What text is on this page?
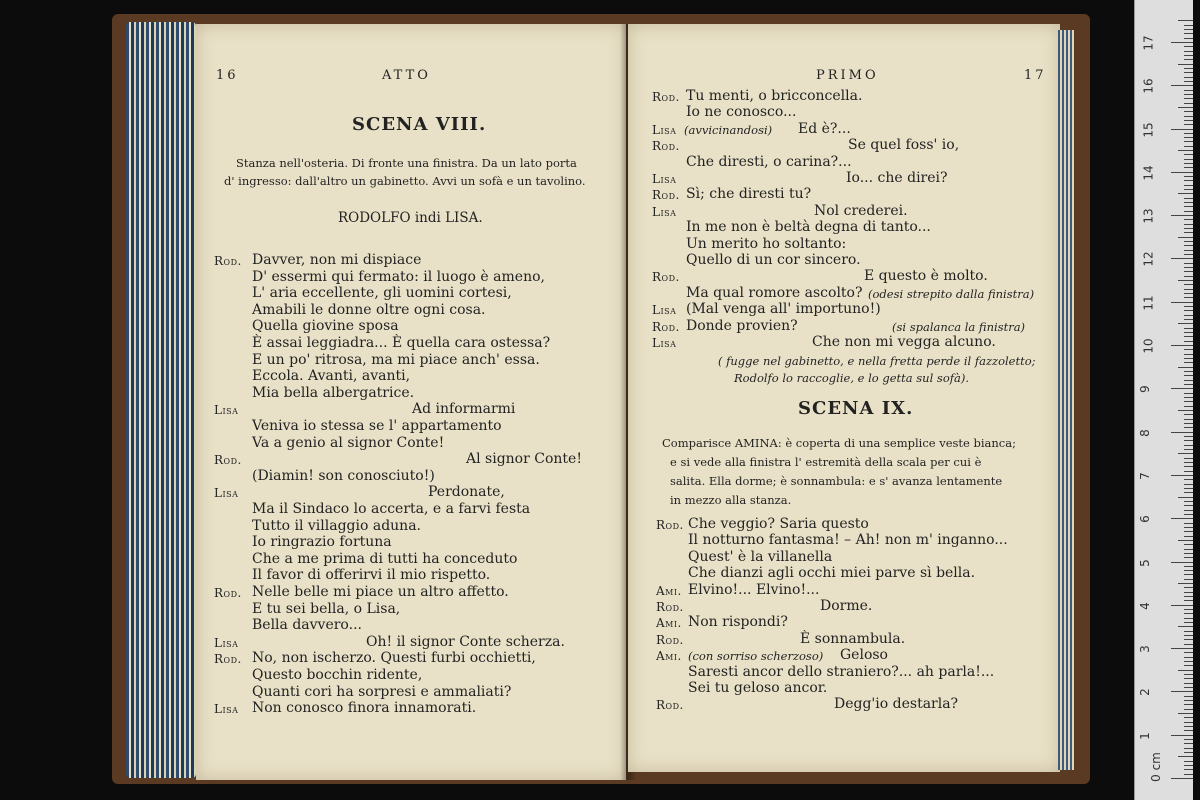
16	ATTO
SCENA VIII.
Stanza nell'osteria. Di fronte una finistra. Da un lato porta
d' ingresso: dall'altro un gabinetto. Avvi un sofà e un tavolino.
RODOLFO indi LISA.
Rod. Davver, non mi dispiace
D' essermi qui fermato: il luogo è ameno,
L' aria eccellente, gli uomini cortesi,
Amabili le donne oltre ogni cosa.
Quella giovine sposa
È assai leggiadra... È quella cara ostessa?
E un po' ritrosa, ma mi piace anch' essa.
Eccola. Avanti, avanti,
Mia bella albergatrice.
Lisa	Ad informarmi
Veniva io stessa se l' appartamento
Va a genio al signor Conte!
Rod.	Al signor Conte!
(Diamin! son conosciuto!)
Lisa	Perdonate,
Ma il Sindaco lo accerta, e a farvi festa
Tutto il villaggio aduna.
Io ringrazio fortuna
Che a me prima di tutti ha conceduto
Il favor di offerirvi il mio rispetto.
Rod. Nelle belle mi piace un altro affetto.
E tu sei bella, o Lisa,
Bella davvero...
Lisa	Oh! il signor Conte scherza.
Rod. No, non ischerzo. Questi furbi occhietti,
Questo bocchin ridente,
Quanti cori ha sorpresi e ammaliati?
Lisa Non conosco finora innamorati.
PRIMO	17
Rod. Tu menti, o bricconcella.
Io ne conosco...
Lisa	Ed è?...
(avvicinandosi)
Rod.	Se quel foss' io,
Che diresti, o carina?...
Lisa	Io... che direi?
Rod. Sì; che diresti tu?
Lisa	Nol crederei.
In me non è beltà degna di tanto...
Un merito ho soltanto:
Quello di un cor sincero.
Rod.	E questo è molto.
Ma qual romore ascolto? (odesi strepito dalla finistra)
Lisa (Mal venga all' importuno!)
Rod. Donde provien?	(si spalanca la finistra)
Lisa	Che non mi vegga alcuno.
( fugge nel gabinetto, e nella fretta perde il fazzoletto;
Rodolfo lo raccoglie, e lo getta sul sofà).
SCENA IX.
Comparisce AMINA: è coperta di una semplice veste bianca;
e si vede alla finistra l' estremità della scala per cui è
salita. Ella dorme; è sonnambula: e s' avanza lentamente
in mezzo alla stanza.
Rod. Che veggio? Saria questo
Il notturno fantasma! – Ah! non m' inganno...
Quest' è la villanella
Che dianzi agli occhi miei parve sì bella.
Ami. Elvino!... Elvino!...
Rod.	Dorme.
Ami. Non rispondi?
Rod.	È sonnambula.
Ami.	Geloso
(con sorriso scherzoso)
Saresti ancor dello straniero?... ah parla!...
Sei tu geloso ancor.
Rod.	Degg'io destarla?
0 cm
1
2
3
4
5
6
7
8
9
10
11
12
13
14
15
16
17
